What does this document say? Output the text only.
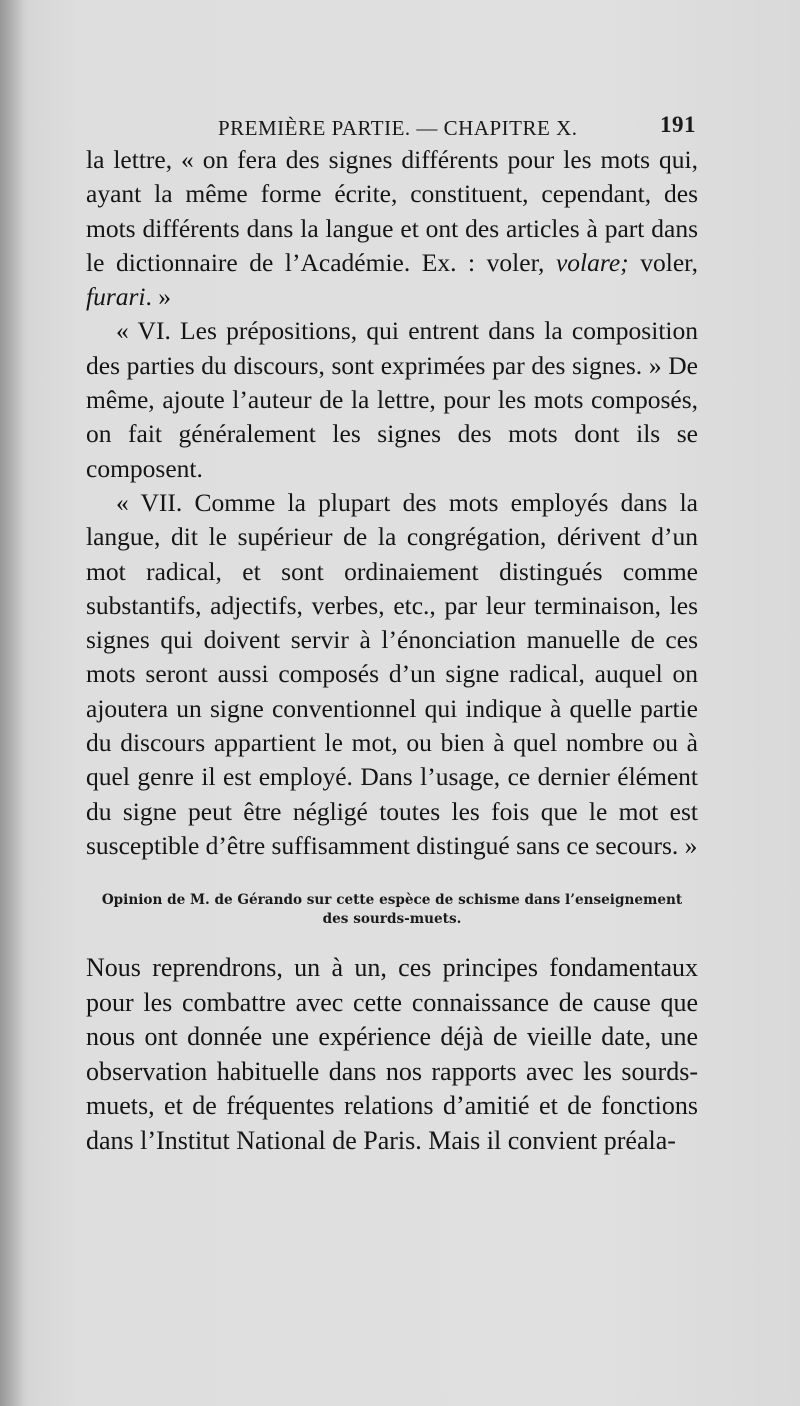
PREMIÈRE PARTIE. — CHAPITRE X.	191

la lettre, « on fera des signes différents pour les mots qui, ayant la même forme écrite, constituent, cependant, des mots différents dans la langue et ont des articles à part dans le dictionnaire de l’Académie. Ex. : voler, volare; voler, furari. »

« VI. Les prépositions, qui entrent dans la composition des parties du discours, sont exprimées par des signes. » De même, ajoute l’auteur de la lettre, pour les mots composés, on fait généralement les signes des mots dont ils se composent.

« VII. Comme la plupart des mots employés dans la langue, dit le supérieur de la congrégation, dérivent d’un mot radical, et sont ordinaiement distingués comme substantifs, adjectifs, verbes, etc., par leur terminaison, les signes qui doivent servir à l’énonciation manuelle de ces mots seront aussi composés d’un signe radical, auquel on ajoutera un signe conventionnel qui indique à quelle partie du discours appartient le mot, ou bien à quel nombre ou à quel genre il est employé. Dans l’usage, ce dernier élément du signe peut être négligé toutes les fois que le mot est susceptible d’être suffisamment distingué sans ce secours. »

Opinion de M. de Gérando sur cette espèce de schisme dans l’enseignement des sourds-muets.

Nous reprendrons, un à un, ces principes fondamentaux pour les combattre avec cette connaissance de cause que nous ont donnée une expérience déjà de vieille date, une observation habituelle dans nos rapports avec les sourds-muets, et de fréquentes relations d’amitié et de fonctions dans l’Institut National de Paris. Mais il convient préala-
